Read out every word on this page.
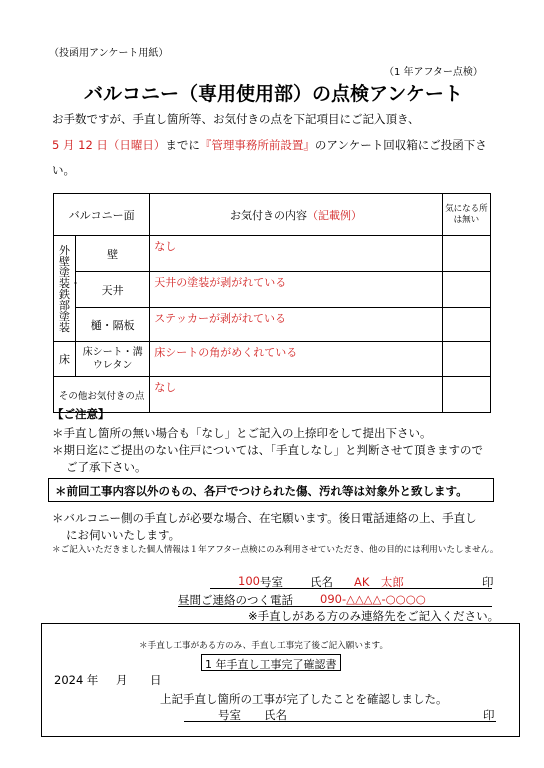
（投函用アンケート用紙）
（1 年アフター点検）
バルコニー（専用使用部）の点検アンケート
お手数ですが、手直し箇所等、お気付きの点を下記項目にご記入頂き、
5 月 12 日（日曜日）までに『管理事務所前設置』のアンケート回収箱にご投函下さ
い。
バルコニー面		お気付きの内容（記載例）	気になる所は無い

外壁塗装・鉄部塗装	壁	なし	
	天井	天井の塗装が剥がれている	
	樋・隔板	ステッカーが剥がれている	
床	床シート・溝ウレタン	床シートの角がめくれている	
その他お気付きの点		なし	
【ご注意】
＊手直し箇所の無い場合も「なし」とご記入の上捺印をして提出下さい。
＊期日迄にご提出のない住戸については、「手直しなし」と判断させて頂きますので
ご了承下さい。
＊バルコニー側の手直しが必要な場合、在宅願います。後日電話連絡の上、手直し
にお伺いいたします。
＊ご記入いただきました個人情報は１年アフター点検にのみ利用させていただき、他の目的には利用いたしません。
＊前回工事内容以外のもの、各戸でつけられた傷、汚れ等は対象外と致します。
100 号室 氏名 AK　太郎	印
昼間ご連絡のつく電話 090-△△△△-○○○○
※手直しがある方のみ連絡先をご記入ください。
＊手直し工事がある方のみ、手直し工事完了後ご記入願います。
1 年手直し工事完了確認書
2024 年 月 日
上記手直し箇所の工事が完了したことを確認しました。
号室 氏名	印
